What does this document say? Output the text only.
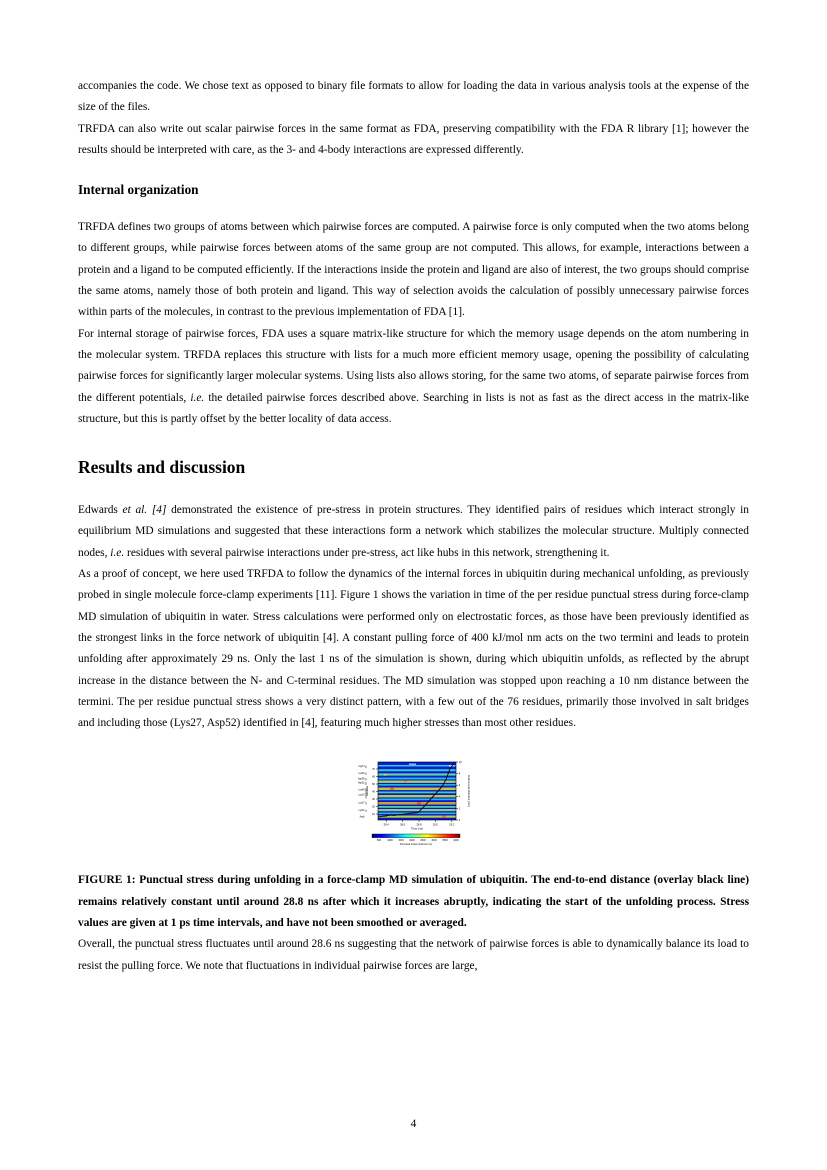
accompanies the code. We chose text as opposed to binary file formats to allow for loading the data in various analysis tools at the expense of the size of the files.

TRFDA can also write out scalar pairwise forces in the same format as FDA, preserving compatibility with the FDA R library [1]; however the results should be interpreted with care, as the 3- and 4-body interactions are expressed differently.

Internal organization

TRFDA defines two groups of atoms between which pairwise forces are computed. A pairwise force is only computed when the two atoms belong to different groups, while pairwise forces between atoms of the same group are not computed. This allows, for example, interactions between a protein and a ligand to be computed efficiently. If the interactions inside the protein and ligand are also of interest, the two groups should comprise the same atoms, namely those of both protein and ligand. This way of selection avoids the calculation of possibly unnecessary pairwise forces within parts of the molecules, in contrast to the previous implementation of FDA [1].

For internal storage of pairwise forces, FDA uses a square matrix-like structure for which the memory usage depends on the atom numbering in the molecular system. TRFDA replaces this structure with lists for a much more efficient memory usage, opening the possibility of calculating pairwise forces for significantly larger molecular systems. Using lists also allows storing, for the same two atoms, of separate pairwise forces from the different potentials, i.e. the detailed pairwise forces described above. Searching in lists is not as fast as the direct access in the matrix-like structure, but this is partly offset by the better locality of data access.

Results and discussion

Edwards et al. [4] demonstrated the existence of pre-stress in protein structures. They identified pairs of residues which interact strongly in equilibrium MD simulations and suggested that these interactions form a network which stabilizes the molecular structure. Multiply connected nodes, i.e. residues with several pairwise interactions under pre-stress, act like hubs in this network, strengthening it.

As a proof of concept, we here used TRFDA to follow the dynamics of the internal forces in ubiquitin during mechanical unfolding, as previously probed in single molecule force-clamp experiments [11]. Figure 1 shows the variation in time of the per residue punctual stress during force-clamp MD simulation of ubiquitin in water. Stress calculations were performed only on electrostatic forces, as those have been previously identified as the strongest links in the force network of ubiquitin [4]. A constant pulling force of 400 kJ/mol nm acts on the two termini and leads to protein unfolding after approximately 29 ns. Only the last 1 ns of the simulation is shown, during which ubiquitin unfolds, as reflected by the abrupt increase in the distance between the N- and C-terminal residues. The MD simulation was stopped upon reaching a 10 nm distance between the termini. The per residue punctual stress shows a very distinct pattern, with a few out of the 76 residues, primarily those involved in salt bridges and including those (Lys27, Asp52) identified in [4], featuring much higher stresses than most other residues.

10
20
30
40
50
60
70
Residue
Arg74
Lys63
Asp58
Asp52
Lys48
Lys33
Lys27
Lys11
Arg6
0
2
4
6
8
10
End-to-end distance (nm)
28.4	28.6	28.8	29.0	29.2
Time (ns)
500	1000 1500 2000 2500 3000 3500 4000
Punctual stress (kJ/mol nm)

FIGURE 1: Punctual stress during unfolding in a force-clamp MD simulation of ubiquitin. The end-to-end distance (overlay black line) remains relatively constant until around 28.8 ns after which it increases abruptly, indicating the start of the unfolding process. Stress values are given at 1 ps time intervals, and have not been smoothed or averaged.

Overall, the punctual stress fluctuates until around 28.6 ns suggesting that the network of pairwise forces is able to dynamically balance its load to resist the pulling force. We note that fluctuations in individual pairwise forces are large,

4
